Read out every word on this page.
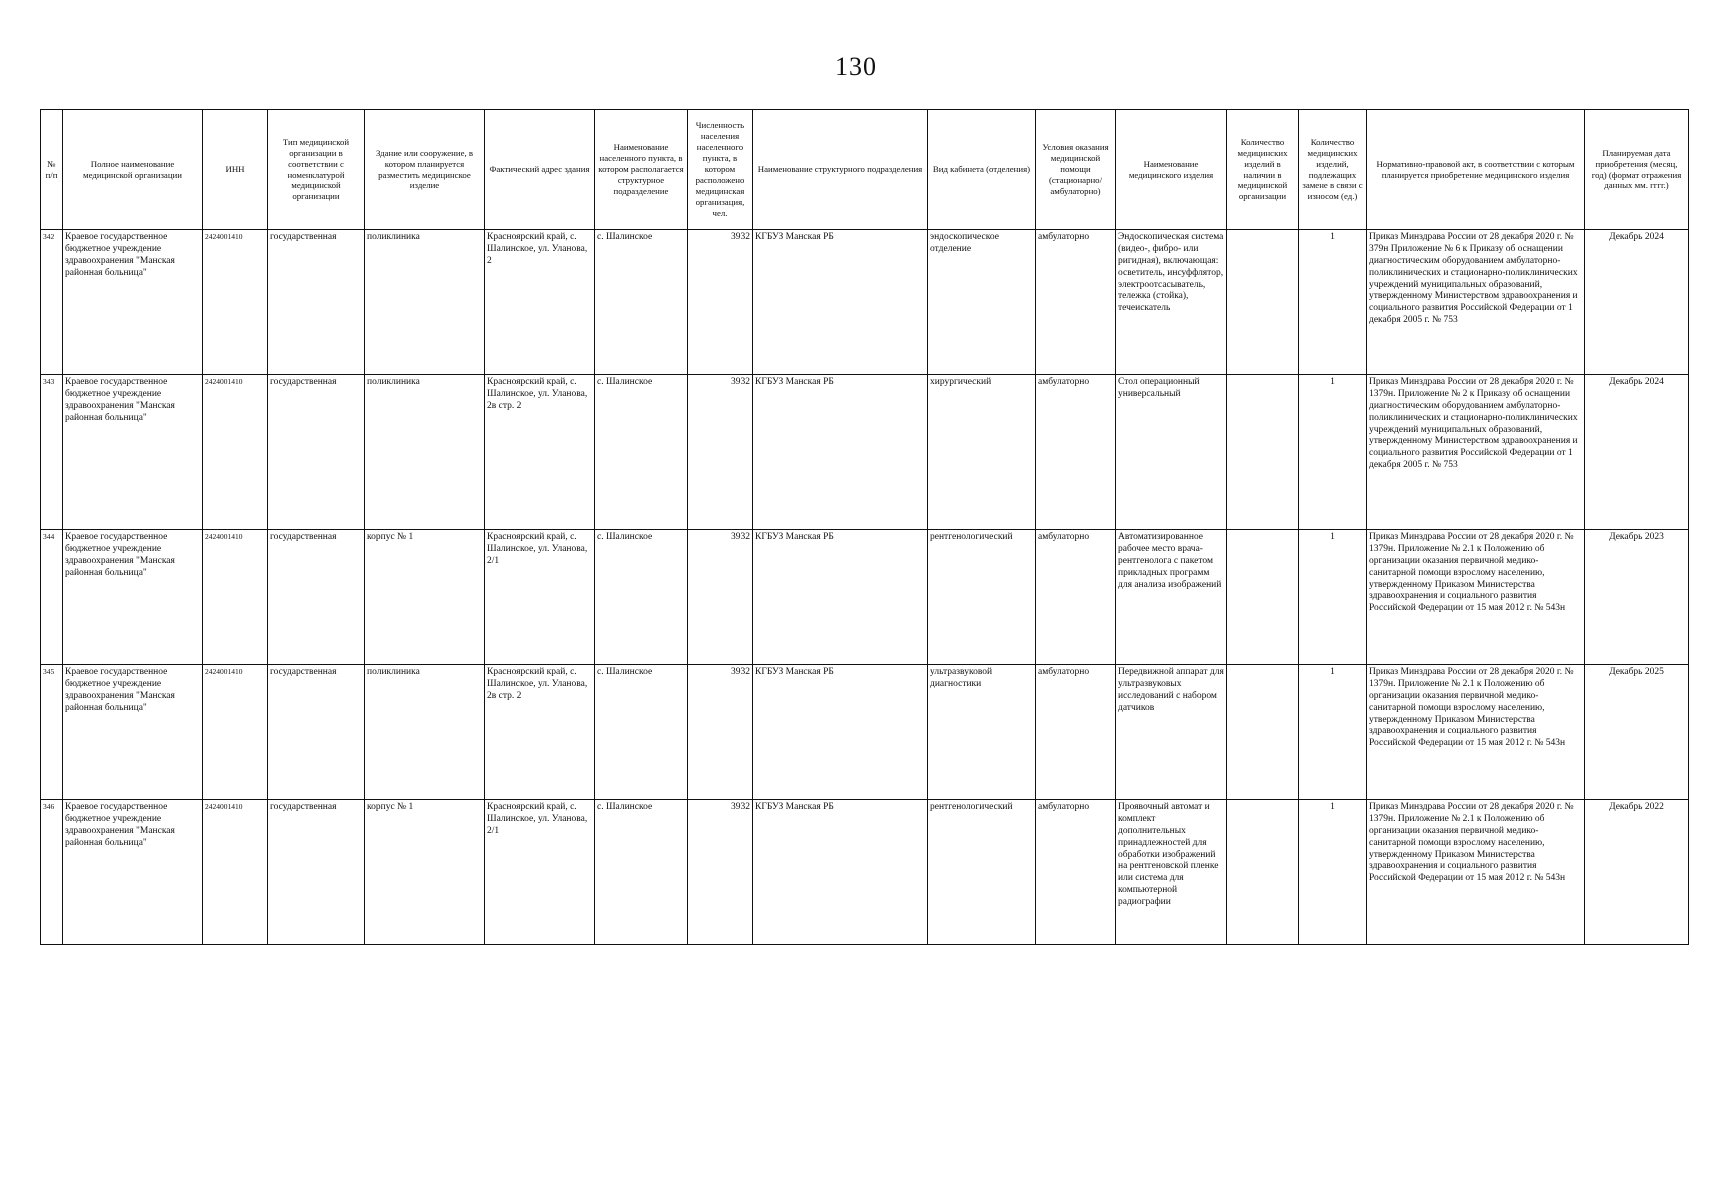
130
№ п/п	Полное наименование медицинской организации	ИНН	Тип медицинской организации в соответствии с номенклатурой медицинской организации	Здание или сооружение, в котором планируется разместить медицинское изделие	Фактический адрес здания	Наименование населенного пункта, в котором располагается структурное подразделение	Численность населения населенного пункта, в котором расположено медицинская организация, чел.	Наименование структурного подразделения	Вид кабинета (отделения)	Условия оказания медицинской помощи (стационарно/ амбулаторно)	Наименование медицинского изделия	Количество медицинских изделий в наличии в медицинской организации	Количество медицинских изделий, подлежащих замене в связи с износом (ед.)	Нормативно-правовой акт, в соответствии с которым планируется приобретение медицинского изделия	Планируемая дата приобретения (месяц, год) (формат отражения данных мм. гггг.)
342	Краевое государственное бюджетное учреждение здравоохранения "Манская районная больница"	2424001410	государственная	поликлиника	Красноярский край, с. Шалинское, ул. Уланова, 2	с. Шалинское	3932	КГБУЗ Манская РБ	эндоскопическое отделение	амбулаторно	Эндоскопическая система (видео-, фибро- или ригидная), включающая: осветитель, инсуффлятор, электроотсасыватель, тележка (стойка), течеискатель		1	Приказ Минздрава России от 28 декабря 2020 г. № 379н Приложение № 6 к Приказу об оснащении диагностическим оборудованием амбулаторно-поликлинических и стационарно-поликлинических учреждений муниципальных образований, утвержденному Министерством здравоохранения и социального развития Российской Федерации от 1 декабря 2005 г. № 753	Декабрь 2024
343	Краевое государственное бюджетное учреждение здравоохранения "Манская районная больница"	2424001410	государственная	поликлиника	Красноярский край, с. Шалинское, ул. Уланова, 2в стр. 2	с. Шалинское	3932	КГБУЗ Манская РБ	хирургический	амбулаторно	Стол операционный универсальный		1	Приказ Минздрава России от 28 декабря 2020 г. № 1379н. Приложение № 2 к Приказу об оснащении диагностическим оборудованием амбулаторно-поликлинических и стационарно-поликлинических учреждений муниципальных образований, утвержденному Министерством здравоохранения и социального развития Российской Федерации от 1 декабря 2005 г. № 753	Декабрь 2024
344	Краевое государственное бюджетное учреждение здравоохранения "Манская районная больница"	2424001410	государственная	корпус № 1	Красноярский край, с. Шалинское, ул. Уланова, 2/1	с. Шалинское	3932	КГБУЗ Манская РБ	рентгенологический	амбулаторно	Автоматизированное рабочее место врача-рентгенолога с пакетом прикладных программ для анализа изображений		1	Приказ Минздрава России от 28 декабря 2020 г. № 1379н. Приложение № 2.1 к Положению об организации оказания первичной медико-санитарной помощи взрослому населению, утвержденному Приказом Министерства здравоохранения и социального развития Российской Федерации от 15 мая 2012 г. № 543н	Декабрь 2023
345	Краевое государственное бюджетное учреждение здравоохранения "Манская районная больница"	2424001410	государственная	поликлиника	Красноярский край, с. Шалинское, ул. Уланова, 2в стр. 2	с. Шалинское	3932	КГБУЗ Манская РБ	ультразвуковой диагностики	амбулаторно	Передвижной аппарат для ультразвуковых исследований с набором датчиков		1	Приказ Минздрава России от 28 декабря 2020 г. № 1379н. Приложение № 2.1 к Положению об организации оказания первичной медико-санитарной помощи взрослому населению, утвержденному Приказом Министерства здравоохранения и социального развития Российской Федерации от 15 мая 2012 г. № 543н	Декабрь 2025
346	Краевое государственное бюджетное учреждение здравоохранения "Манская районная больница"	2424001410	государственная	корпус № 1	Красноярский край, с. Шалинское, ул. Уланова, 2/1	с. Шалинское	3932	КГБУЗ Манская РБ	рентгенологический	амбулаторно	Проявочный автомат и комплект дополнительных принадлежностей для обработки изображений на рентгеновской пленке или система для компьютерной радиографии		1	Приказ Минздрава России от 28 декабря 2020 г. № 1379н. Приложение № 2.1 к Положению об организации оказания первичной медико-санитарной помощи взрослому населению, утвержденному Приказом Министерства здравоохранения и социального развития Российской Федерации от 15 мая 2012 г. № 543н	Декабрь 2022
